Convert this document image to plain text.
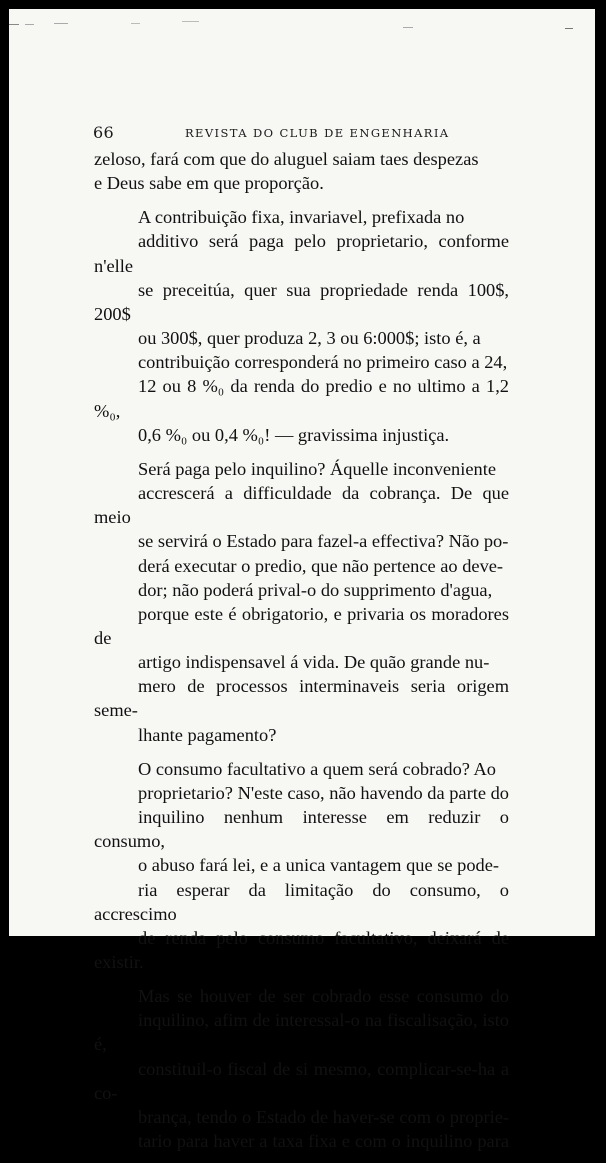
66	REVISTA DO CLUB DE ENGENHARIA

zeloso, fará com que do aluguel saiam taes despezas
e Deus sabe em que proporção.

A contribuição fixa, invariavel, prefixada no
additivo será paga pelo proprietario, conforme n'elle
se preceitúa, quer sua propriedade renda 100$, 200$
ou 300$, quer produza 2, 3 ou 6:000$; isto é, a
contribuição corresponderá no primeiro caso a 24,
12 ou 8 %₀ da renda do predio e no ultimo a 1,2 %₀,
0,6 %₀ ou 0,4 %₀! — gravissima injustiça.

Será paga pelo inquilino? Áquelle inconveniente
accrescerá a difficuldade da cobrança. De que meio
se servirá o Estado para fazel-a effectiva? Não po-
derá executar o predio, que não pertence ao deve-
dor; não poderá prival-o do supprimento d'agua,
porque este é obrigatorio, e privaria os moradores de
artigo indispensavel á vida. De quão grande nu-
mero de processos interminaveis seria origem seme-
lhante pagamento?

O consumo facultativo a quem será cobrado? Ao
proprietario? N'este caso, não havendo da parte do
inquilino nenhum interesse em reduzir o consumo,
o abuso fará lei, e a unica vantagem que se pode-
ria esperar da limitação do consumo, o accrescimo
de renda pelo consumo facultativo, deixará de existir.

Mas se houver de ser cobrado esse consumo do
inquilino, afim de interessal-o na fiscalisação, isto é,
constituil-o fiscal de si mesmo, complicar-se-ha a co-
brança, tendo o Estado de haver-se com o proprie-
tario para haver a taxa fixa e com o inquilino para
